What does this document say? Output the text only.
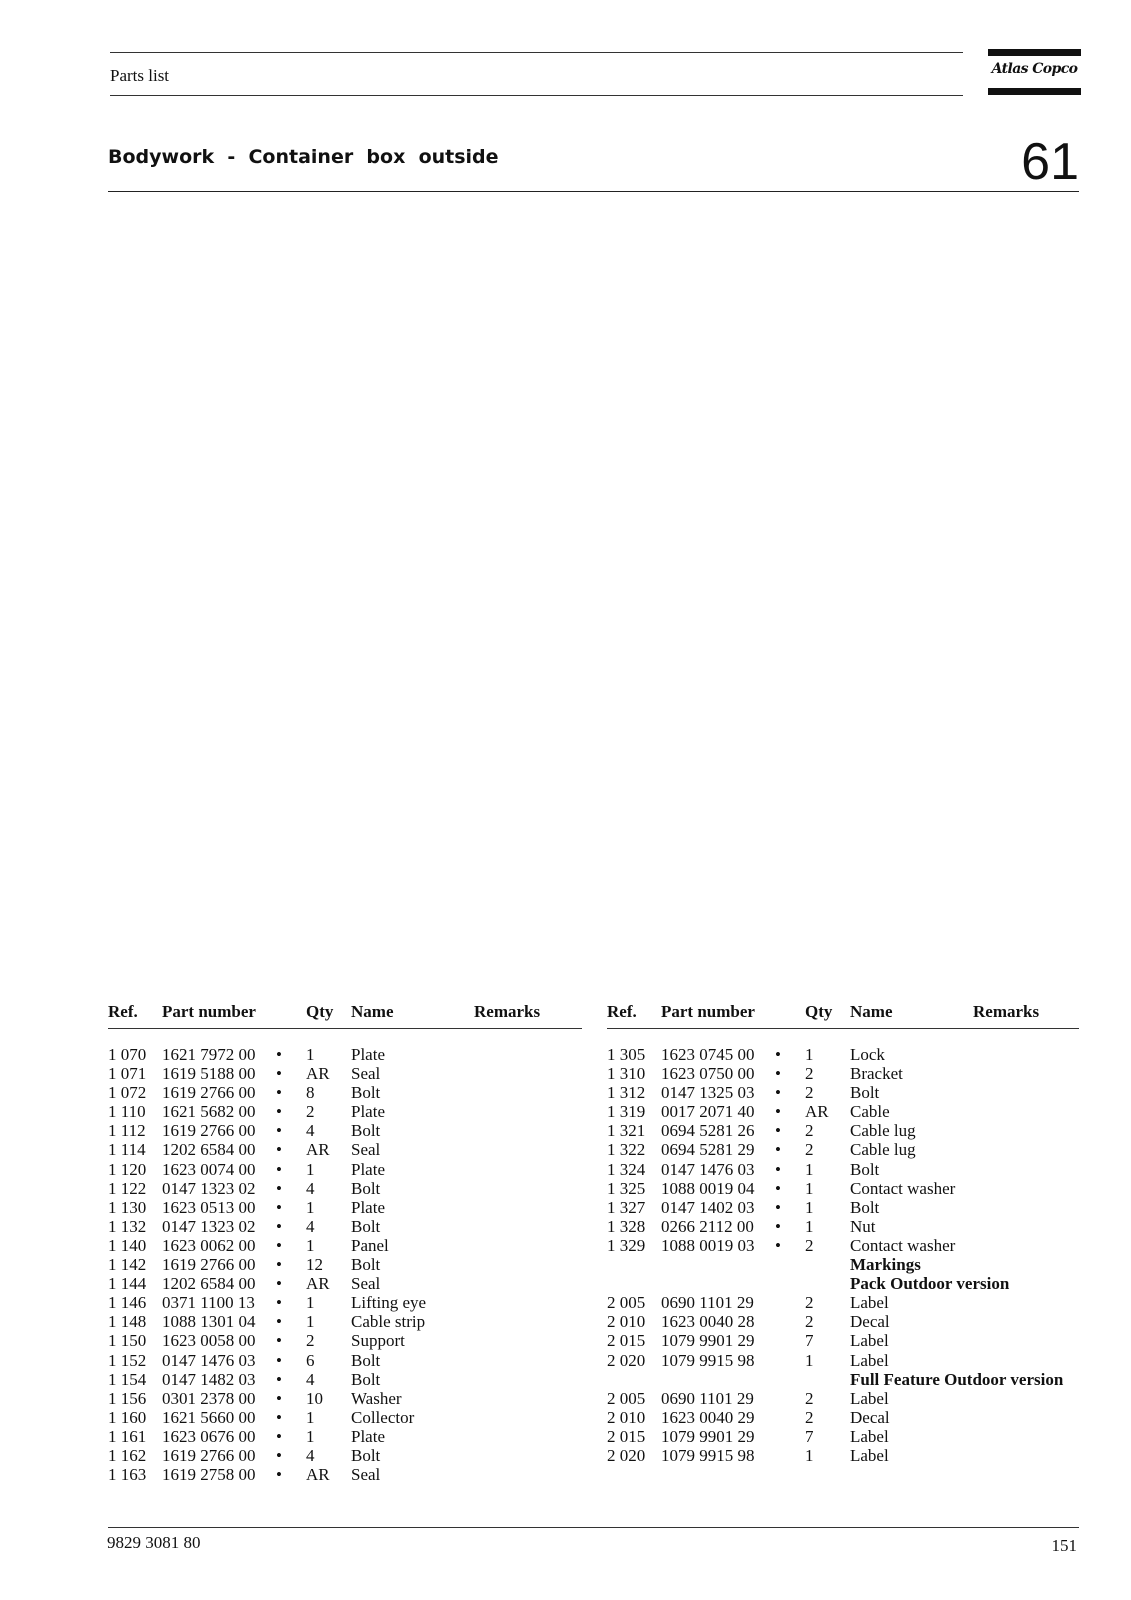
Parts list	Atlas Copco
Bodywork  -  Container  box  outside	61
Ref. Part number	Qty Name	Remarks
1 070 1621 7972 00 • 1 Plate
1 071 1619 5188 00 • AR Seal
1 072 1619 2766 00 • 8 Bolt
1 110 1621 5682 00 • 2 Plate
1 112 1619 2766 00 • 4 Bolt
1 114 1202 6584 00 • AR Seal
1 120 1623 0074 00 • 1 Plate
1 122 0147 1323 02 • 4 Bolt
1 130 1623 0513 00 • 1 Plate
1 132 0147 1323 02 • 4 Bolt
1 140 1623 0062 00 • 1 Panel
1 142 1619 2766 00 • 12 Bolt
1 144 1202 6584 00 • AR Seal
1 146 0371 1100 13 • 1 Lifting eye
1 148 1088 1301 04 • 1 Cable strip
1 150 1623 0058 00 • 2 Support
1 152 0147 1476 03 • 6 Bolt
1 154 0147 1482 03 • 4 Bolt
1 156 0301 2378 00 • 10 Washer
1 160 1621 5660 00 • 1 Collector
1 161 1623 0676 00 • 1 Plate
1 162 1619 2766 00 • 4 Bolt
1 163 1619 2758 00 • AR Seal
Ref. Part number	Qty Name	Remarks
1 305 1623 0745 00 • 1 Lock
1 310 1623 0750 00 • 2 Bracket
1 312 0147 1325 03 • 2 Bolt
1 319 0017 2071 40 • AR Cable
1 321 0694 5281 26 • 2 Cable lug
1 322 0694 5281 29 • 2 Cable lug
1 324 0147 1476 03 • 1 Bolt
1 325 1088 0019 04 • 1 Contact washer
1 327 0147 1402 03 • 1 Bolt
1 328 0266 2112 00 • 1 Nut
1 329 1088 0019 03 • 2 Contact washer
Markings
Pack Outdoor version
2 005 0690 1101 29	2 Label
2 010 1623 0040 28	2 Decal
2 015 1079 9901 29	7 Label
2 020 1079 9915 98	1 Label
Full Feature Outdoor version
2 005 0690 1101 29	2 Label
2 010 1623 0040 29	2 Decal
2 015 1079 9901 29	7 Label
2 020 1079 9915 98	1 Label
9829 3081 80	151
